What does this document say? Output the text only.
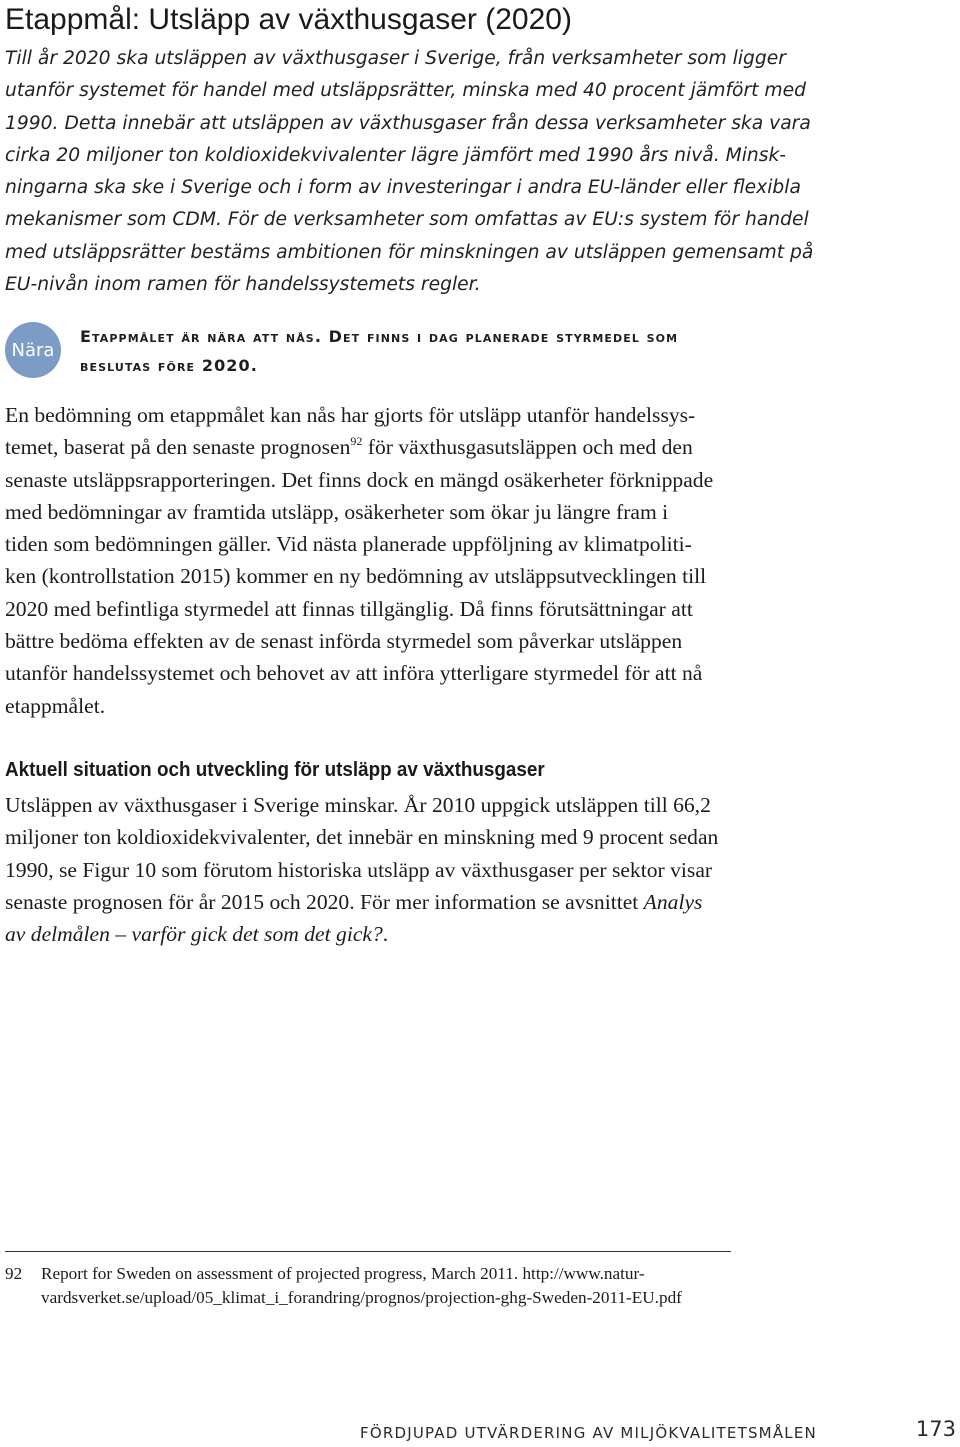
Etappmål: Utsläpp av växthusgaser (2020)
Till år 2020 ska utsläppen av växthusgaser i Sverige, från verksamheter som ligger
utanför systemet för handel med utsläppsrätter, minska med 40 procent jämfört med
1990. Detta innebär att utsläppen av växthusgaser från dessa verksamheter ska vara
cirka 20 miljoner ton koldioxidekvivalenter lägre jämfört med 1990 års nivå. Minsk-
ningarna ska ske i Sverige och i form av investeringar i andra EU-länder eller flexibla
mekanismer som CDM. För de verksamheter som omfattas av EU:s system för handel
med utsläppsrätter bestäms ambitionen för minskningen av utsläppen gemensamt på
EU-nivån inom ramen för handelssystemets regler.
Nära
Etappmålet är nära att nås. Det finns i dag planerade styrmedel som
beslutas före 2020.
En bedömning om etappmålet kan nås har gjorts för utsläpp utanför handelssys-
temet, baserat på den senaste prognosen$^{92}$ för växthusgasutsläppen och med den
senaste utsläppsrapporteringen. Det finns dock en mängd osäkerheter förknippade
med bedömningar av framtida utsläpp, osäkerheter som ökar ju längre fram i
tiden som bedömningen gäller. Vid nästa planerade uppföljning av klimatpoliti-
ken (kontrollstation 2015) kommer en ny bedömning av utsläppsutvecklingen till
2020 med befintliga styrmedel att finnas tillgänglig. Då finns förutsättningar att
bättre bedöma effekten av de senast införda styrmedel som påverkar utsläppen
utanför handelssystemet och behovet av att införa ytterligare styrmedel för att nå
etappmålet.
Aktuell situation och utveckling för utsläpp av växthusgaser
Utsläppen av växthusgaser i Sverige minskar. År 2010 uppgick utsläppen till 66,2
miljoner ton koldioxidekvivalenter, det innebär en minskning med 9 procent sedan
1990, se Figur 10 som förutom historiska utsläpp av växthusgaser per sektor visar
senaste prognosen för år 2015 och 2020. För mer information se avsnittet Analys
av delmålen – varför gick det som det gick?.
92 Report for Sweden on assessment of projected progress, March 2011. http://www.natur-
vardsverket.se/upload/05_klimat_i_forandring/prognos/projection-ghg-Sweden-2011-EU.pdf
FÖRDJUPAD UTVÄRDERING AV MILJÖKVALITETSMÅLEN	173
